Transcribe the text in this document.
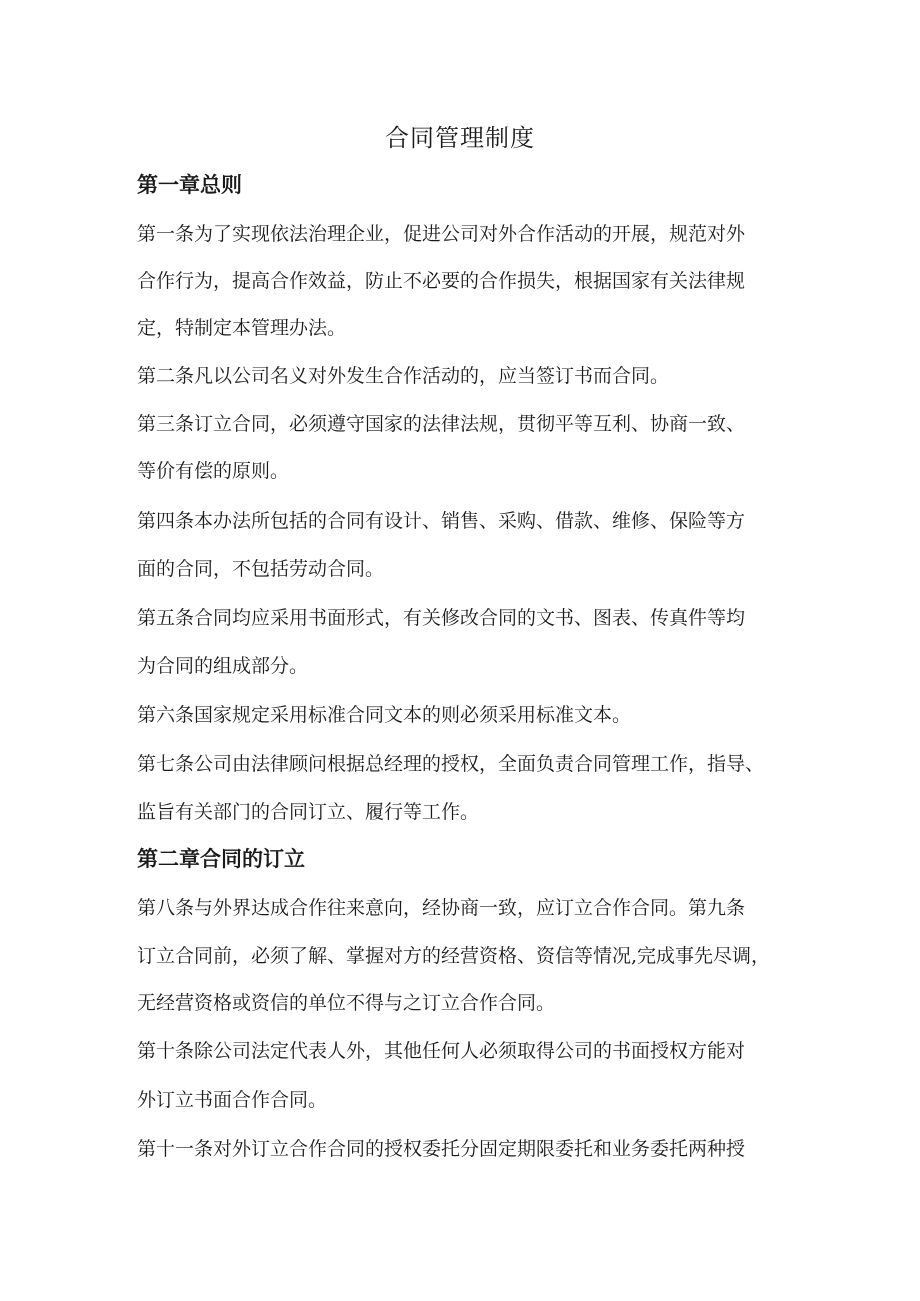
合同管理制度
第一章总则
第一条为了实现依法治理企业，促进公司对外合作活动的开展，规范对外
合作行为，提高合作效益，防止不必要的合作损失，根据国家有关法律规
定，特制定本管理办法。
第二条凡以公司名义对外发生合作活动的，应当签订书而合同。
第三条订立合同，必须遵守国家的法律法规，贯彻平等互利、协商一致、
等价有偿的原则。
第四条本办法所包括的合同有设计、销售、采购、借款、维修、保险等方
面的合同，不包括劳动合同。
第五条合同均应采用书面形式，有关修改合同的文书、图表、传真件等均
为合同的组成部分。
第六条国家规定采用标准合同文本的则必须采用标准文本。
第七条公司由法律顾问根据总经理的授权，全面负责合同管理工作，指导、
监旨有关部门的合同订立、履行等工作。
第二章合同的订立
第八条与外界达成合作往来意向，经协商一致，应订立合作合同。第九条
订立合同前，必须了解、掌握对方的经营资格、资信等情况,完成事先尽调，
无经营资格或资信的单位不得与之订立合作合同。
第十条除公司法定代表人外，其他任何人必须取得公司的书面授权方能对
外订立书面合作合同。
第十一条对外订立合作合同的授权委托分固定期限委托和业务委托两种授
